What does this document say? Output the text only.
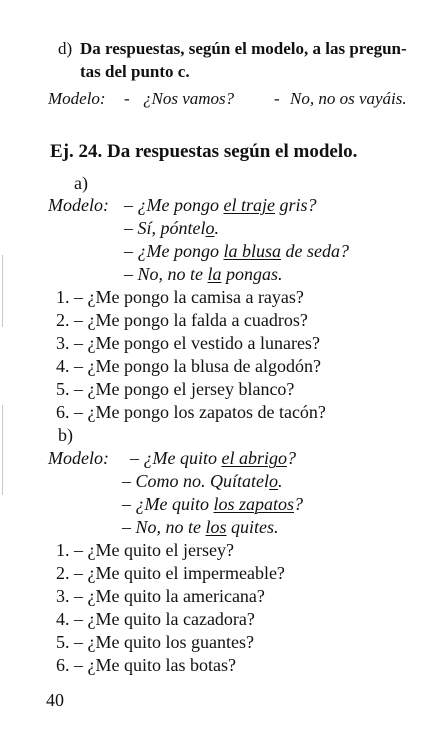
d) Da respuestas, según el modelo, a las pregun-
tas del punto c.
Modelo: - ¿Nos vamos? - No, no os vayáis.
Ej. 24. Da respuestas según el modelo.
a)
Modelo: – ¿Me pongo el traje gris?
– Sí, póntelo.
– ¿Me pongo la blusa de seda?
– No, no te la pongas.
1. – ¿Me pongo la camisa a rayas?
2. – ¿Me pongo la falda a cuadros?
3. – ¿Me pongo el vestido a lunares?
4. – ¿Me pongo la blusa de algodón?
5. – ¿Me pongo el jersey blanco?
6. – ¿Me pongo los zapatos de tacón?
b)
Modelo: – ¿Me quito el abrigo?
– Como no. Quítatelo.
– ¿Me quito los zapatos?
– No, no te los quites.
1. – ¿Me quito el jersey?
2. – ¿Me quito el impermeable?
3. – ¿Me quito la americana?
4. – ¿Me quito la cazadora?
5. – ¿Me quito los guantes?
6. – ¿Me quito las botas?
40
